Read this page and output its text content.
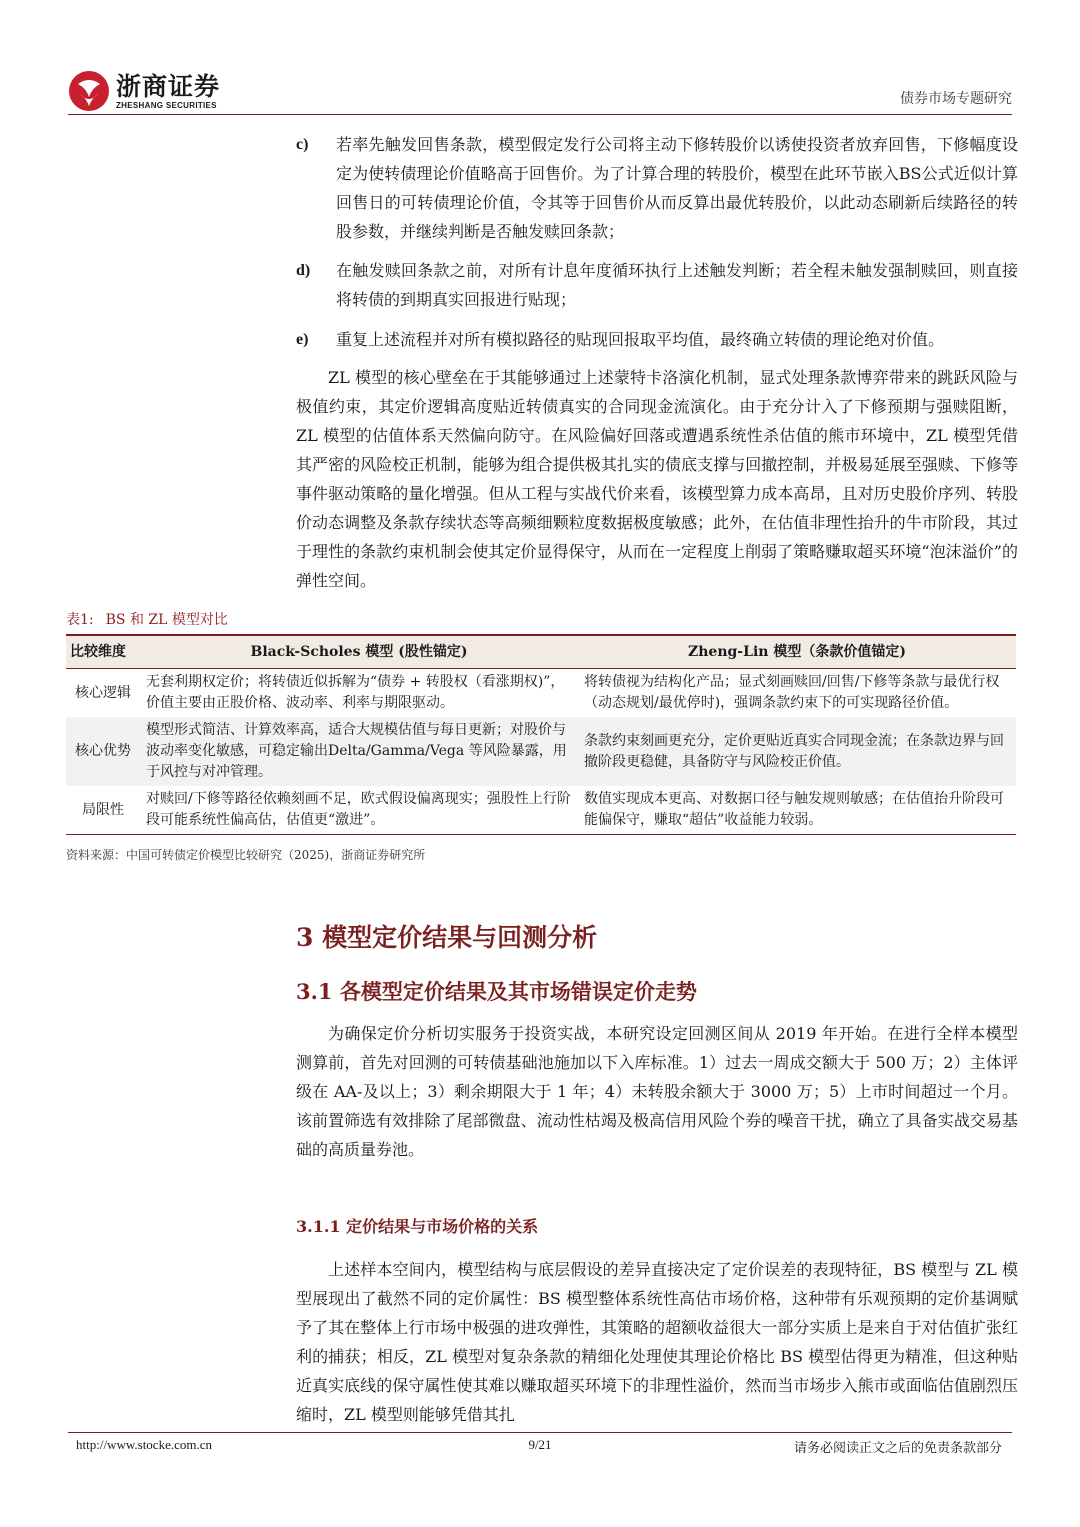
浙商证券
ZHESHANG SECURITIES	债券市场专题研究
c) 若率先触发回售条款，模型假定发行公司将主动下修转股价以诱使投资者放弃回售，下修幅度设定为使转债理论价值略高于回售价。为了计算合理的转股价，模型在此环节嵌入BS公式近似计算回售日的可转债理论价值，令其等于回售价从而反算出最优转股价，以此动态刷新后续路径的转股参数，并继续判断是否触发赎回条款；
d) 在触发赎回条款之前，对所有计息年度循环执行上述触发判断；若全程未触发强制赎回，则直接将转债的到期真实回报进行贴现；
e) 重复上述流程并对所有模拟路径的贴现回报取平均值，最终确立转债的理论绝对价值。
ZL 模型的核心壁垒在于其能够通过上述蒙特卡洛演化机制，显式处理条款博弈带来的跳跃风险与极值约束，其定价逻辑高度贴近转债真实的合同现金流演化。由于充分计入了下修预期与强赎阻断，ZL 模型的估值体系天然偏向防守。在风险偏好回落或遭遇系统性杀估值的熊市环境中，ZL 模型凭借其严密的风险校正机制，能够为组合提供极其扎实的债底支撑与回撤控制，并极易延展至强赎、下修等事件驱动策略的量化增强。但从工程与实战代价来看，该模型算力成本高昂，且对历史股价序列、转股价动态调整及条款存续状态等高频细颗粒度数据极度敏感；此外，在估值非理性抬升的牛市阶段，其过于理性的条款约束机制会使其定价显得保守，从而在一定程度上削弱了策略赚取超买环境“泡沫溢价”的弹性空间。
表1: BS 和 ZL 模型对比
比较维度	Black-Scholes 模型 (股性锚定)	Zheng-Lin 模型（条款价值锚定)
核心逻辑	无套利期权定价；将转债近似拆解为“债券 + 转股权（看涨期权)”，价值主要由正股价格、波动率、利率与期限驱动。	将转债视为结构化产品；显式刻画赎回/回售/下修等条款与最优行权（动态规划/最优停时)，强调条款约束下的可实现路径价值。
核心优势	模型形式简洁、计算效率高，适合大规模估值与每日更新；对股价与波动率变化敏感，可稳定输出Delta/Gamma/Vega 等风险暴露，用于风控与对冲管理。	条款约束刻画更充分，定价更贴近真实合同现金流；在条款边界与回撤阶段更稳健，具备防守与风险校正价值。
局限性	对赎回/下修等路径依赖刻画不足，欧式假设偏离现实；强股性上行阶段可能系统性偏高估，估值更“激进”。	数值实现成本更高、对数据口径与触发规则敏感；在估值抬升阶段可能偏保守，赚取“超估”收益能力较弱。
资料来源：中国可转债定价模型比较研究（2025)，浙商证券研究所
3 模型定价结果与回测分析
3.1 各模型定价结果及其市场错误定价走势
为确保定价分析切实服务于投资实战，本研究设定回测区间从 2019 年开始。在进行全样本模型测算前，首先对回测的可转债基础池施加以下入库标准。1）过去一周成交额大于 500 万；2）主体评级在 AA-及以上；3）剩余期限大于 1 年；4）未转股余额大于 3000 万；5）上市时间超过一个月。该前置筛选有效排除了尾部微盘、流动性枯竭及极高信用风险个券的噪音干扰，确立了具备实战交易基础的高质量券池。
3.1.1 定价结果与市场价格的关系
上述样本空间内，模型结构与底层假设的差异直接决定了定价误差的表现特征，BS 模型与 ZL 模型展现出了截然不同的定价属性：BS 模型整体系统性高估市场价格，这种带有乐观预期的定价基调赋予了其在整体上行市场中极强的进攻弹性，其策略的超额收益很大一部分实质上是来自于对估值扩张红利的捕获；相反，ZL 模型对复杂条款的精细化处理使其理论价格比 BS 模型估得更为精准，但这种贴近真实底线的保守属性使其难以赚取超买环境下的非理性溢价，然而当市场步入熊市或面临估值剧烈压缩时，ZL 模型则能够凭借其扎
http://www.stocke.com.cn	9/21	请务必阅读正文之后的免责条款部分
